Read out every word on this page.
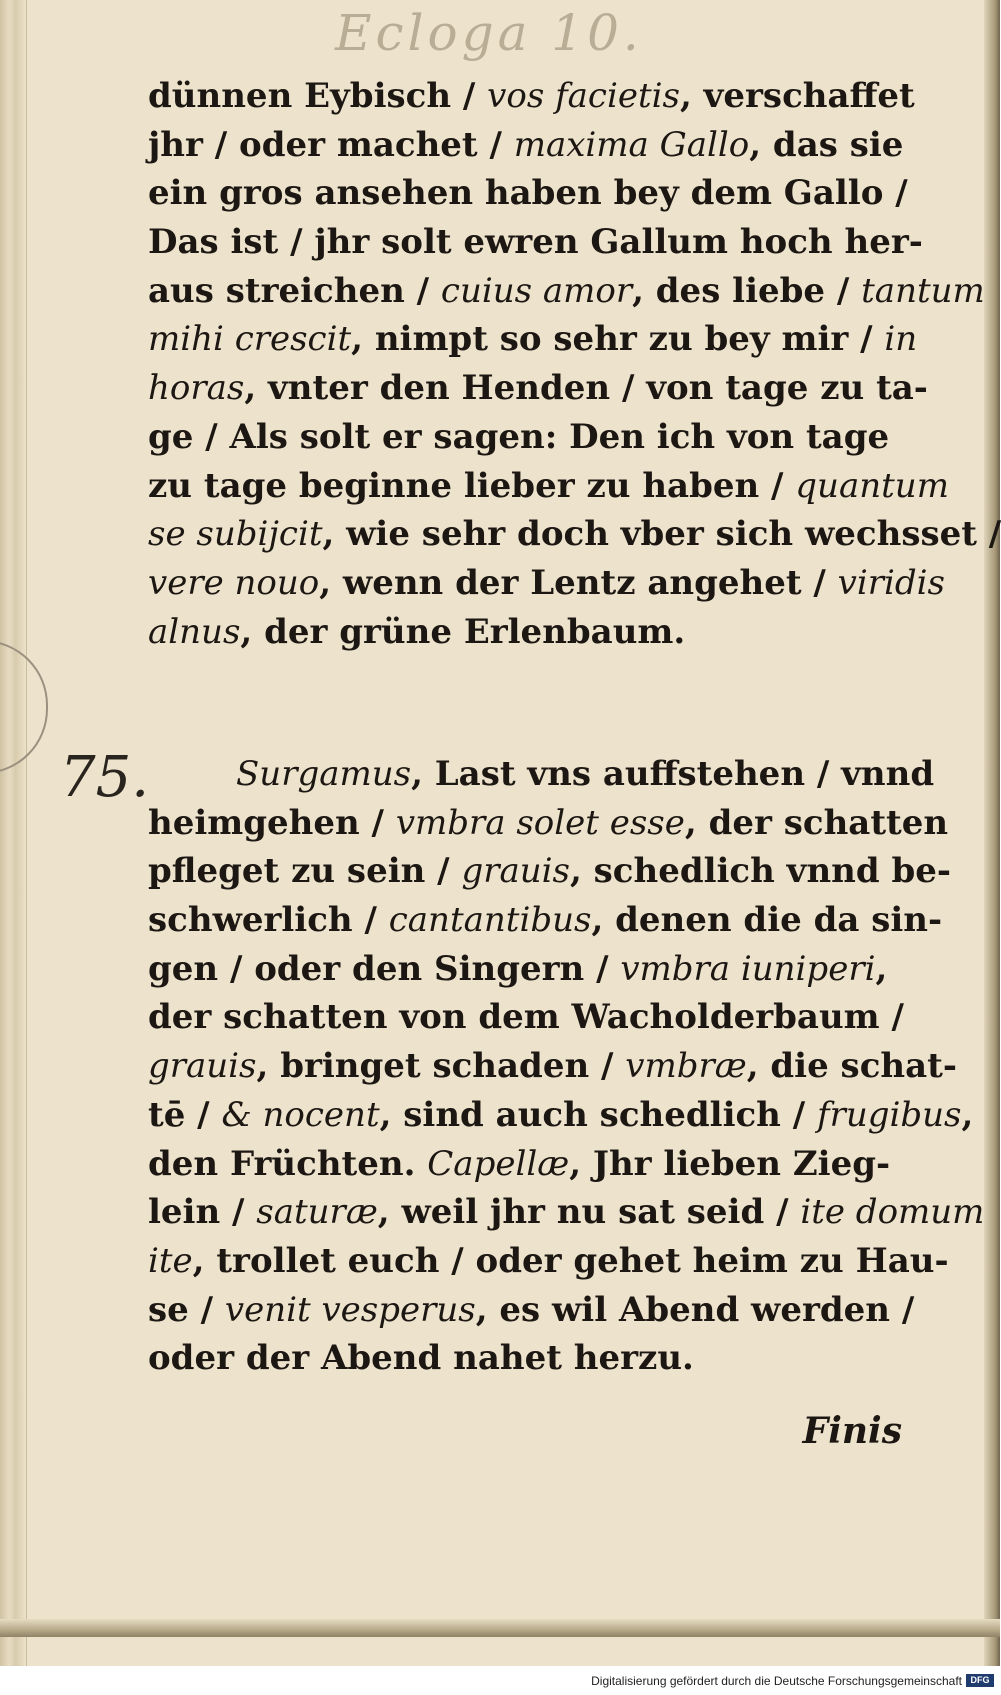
Ecloga 10.
dünnen Eybisch / vos facietis, verschaffet
jhr / oder machet / maxima Gallo, das sie
ein gros ansehen haben bey dem Gallo /
Das ist / jhr solt ewren Gallum hoch her-
aus streichen / cuius amor, des liebe / tantum
mihi crescit, nimpt so sehr zu bey mir / in
horas, vnter den Henden / von tage zu ta-
ge / Als solt er sagen: Den ich von tage
zu tage beginne lieber zu haben / quantum
se subijcit, wie sehr doch vber sich wechsset /
vere nouo, wenn der Lentz angehet / viridis
alnus, der grüne Erlenbaum.
75.	Surgamus, Last vns auffstehen / vnnd
heimgehen / vmbra solet esse, der schatten
pfleget zu sein / grauis, schedlich vnnd be-
schwerlich / cantantibus, denen die da sin-
gen / oder den Singern / vmbra iuniperi,
der schatten von dem Wacholderbaum /
grauis, bringet schaden / vmbræ, die schat-
tē / & nocent, sind auch schedlich / frugibus,
den Früchten. Capellæ, Jhr lieben Zieg-
lein / saturæ, weil jhr nu sat seid / ite domum
ite, trollet euch / oder gehet heim zu Hau-
se / venit vesperus, es wil Abend werden /
oder der Abend nahet herzu.
Finis
Digitalisierung gefördert durch die Deutsche Forschungsgemeinschaft DFG
